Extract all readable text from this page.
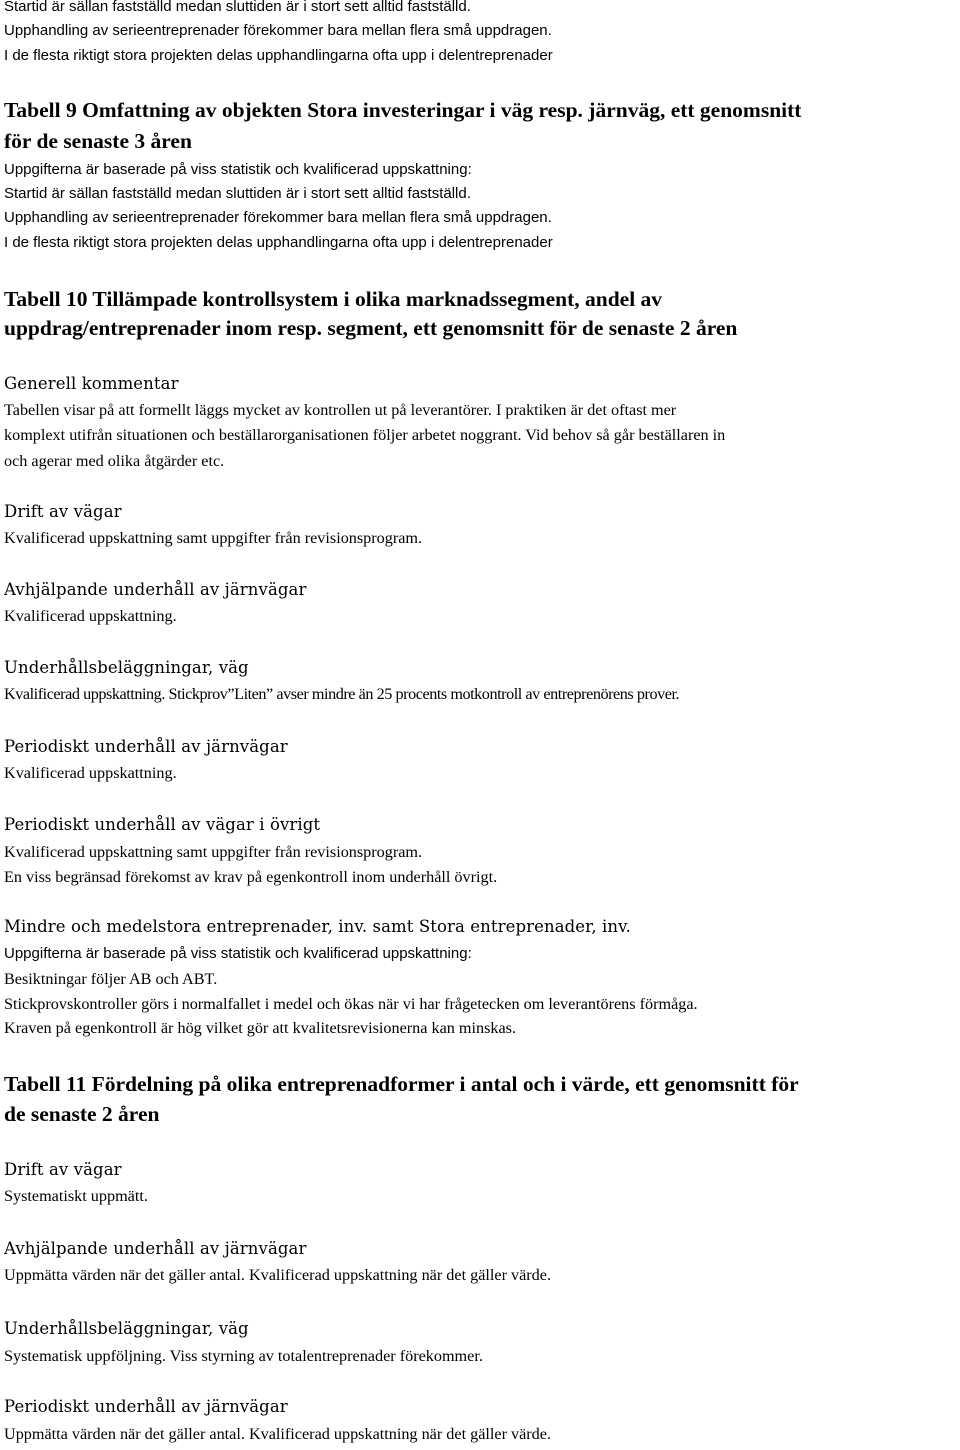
Startid är sällan fastställd medan sluttiden är i stort sett alltid fastställd.

Upphandling av serieentreprenader förekommer bara mellan flera små uppdragen.

I de flesta riktigt stora projekten delas upphandlingarna ofta upp i delentreprenader

Tabell 9 Omfattning av objekten Stora investeringar i väg resp. järnväg, ett genomsnitt

för de senaste 3 åren

Uppgifterna är baserade på viss statistik och kvalificerad uppskattning:

Startid är sällan fastställd medan sluttiden är i stort sett alltid fastställd.

Upphandling av serieentreprenader förekommer bara mellan flera små uppdragen.

I de flesta riktigt stora projekten delas upphandlingarna ofta upp i delentreprenader

Tabell 10 Tillämpade kontrollsystem i olika marknadssegment, andel av

uppdrag/entreprenader inom resp. segment, ett genomsnitt för de senaste 2 åren

Generell kommentar

Tabellen visar på att formellt läggs mycket av kontrollen ut på leverantörer. I praktiken är det oftast mer

komplext utifrån situationen och beställarorganisationen följer arbetet noggrant. Vid behov så går beställaren in

och agerar med olika åtgärder etc.

Drift av vägar

Kvalificerad uppskattning samt uppgifter från revisionsprogram.

Avhjälpande underhåll av järnvägar

Kvalificerad uppskattning.

Underhållsbeläggningar, väg

Kvalificerad uppskattning. Stickprov”Liten” avser mindre än 25 procents motkontroll av entreprenörens prover.

Periodiskt underhåll av järnvägar

Kvalificerad uppskattning.

Periodiskt underhåll av vägar i övrigt

Kvalificerad uppskattning samt uppgifter från revisionsprogram.

En viss begränsad förekomst av krav på egenkontroll inom underhåll övrigt.

Mindre och medelstora entreprenader, inv. samt Stora entreprenader, inv.

Uppgifterna är baserade på viss statistik och kvalificerad uppskattning:

Besiktningar följer AB och ABT.

Stickprovskontroller görs i normalfallet i medel och ökas när vi har frågetecken om leverantörens förmåga.

Kraven på egenkontroll är hög vilket gör att kvalitetsrevisionerna kan minskas.

Tabell 11 Fördelning på olika entreprenadformer i antal och i värde, ett genomsnitt för

de senaste 2 åren

Drift av vägar

Systematiskt uppmätt.

Avhjälpande underhåll av järnvägar

Uppmätta värden när det gäller antal. Kvalificerad uppskattning när det gäller värde.

Underhållsbeläggningar, väg

Systematisk uppföljning. Viss styrning av totalentreprenader förekommer.

Periodiskt underhåll av järnvägar

Uppmätta värden när det gäller antal. Kvalificerad uppskattning när det gäller värde.
